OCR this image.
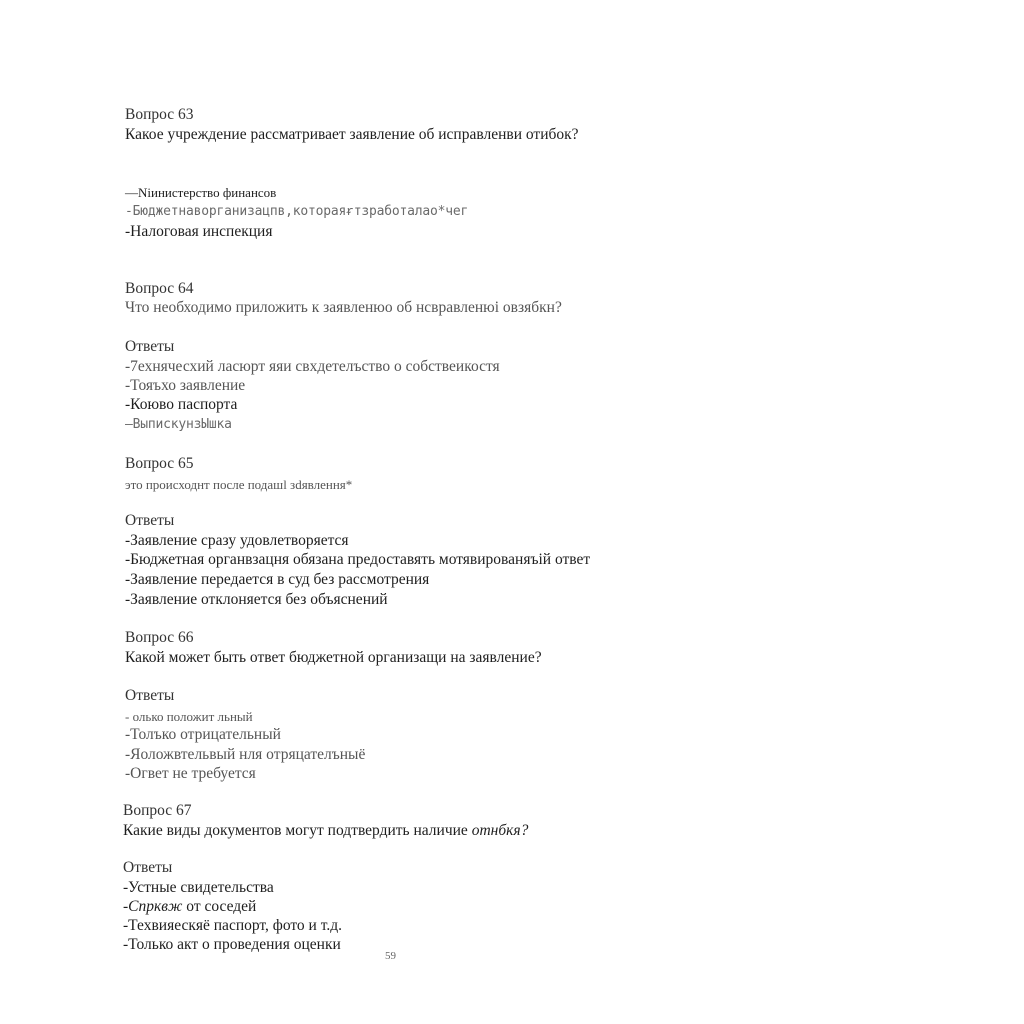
Вопрос 63
Какое учреждение рассматривает заявление об исправленви отибок?
—Nіинистерство финансов
-Бюджетнаворганизацпв,котораяᵲтзработалаo*чег
-Налоговая инспекция
Вопрос 64
Что необходимо приложить к заявленюо об нсвравленюі овзябкн?
Ответы
-7ехнячесхий ласюрт яяи свхдетелъство о собствеикостя
-Тояъхо заявление
-Коюво паспорта
–ВыпискунзЫшка
Вопрос 65
это пpоисходнт поcле подaшl зdявлeння*
Ответы
-Заявление сразу удовлетворяется
-Бюджетная органвзацня обязана предоставять мотявированяъій ответ
-Заявление передается в суд без рассмотрения
-Заявление отклоняется без объяснений
Вопрос 66
Какой может быть ответ бюджетной организащи на заявление?
Ответы
- олько положит льный
-Толъко отрицательный
-Яоложвтельвый нля отряцателъныё
-Огвет не требуется
Вопрос 67
Какие виды документов могут подтвердить наличие отнбкя?
Ответы
-Устные свидетельства
-Спрквж от соседей
-Техвияескяё паспорт, фото и т.д.
-Только акт о проведения оценки
59
